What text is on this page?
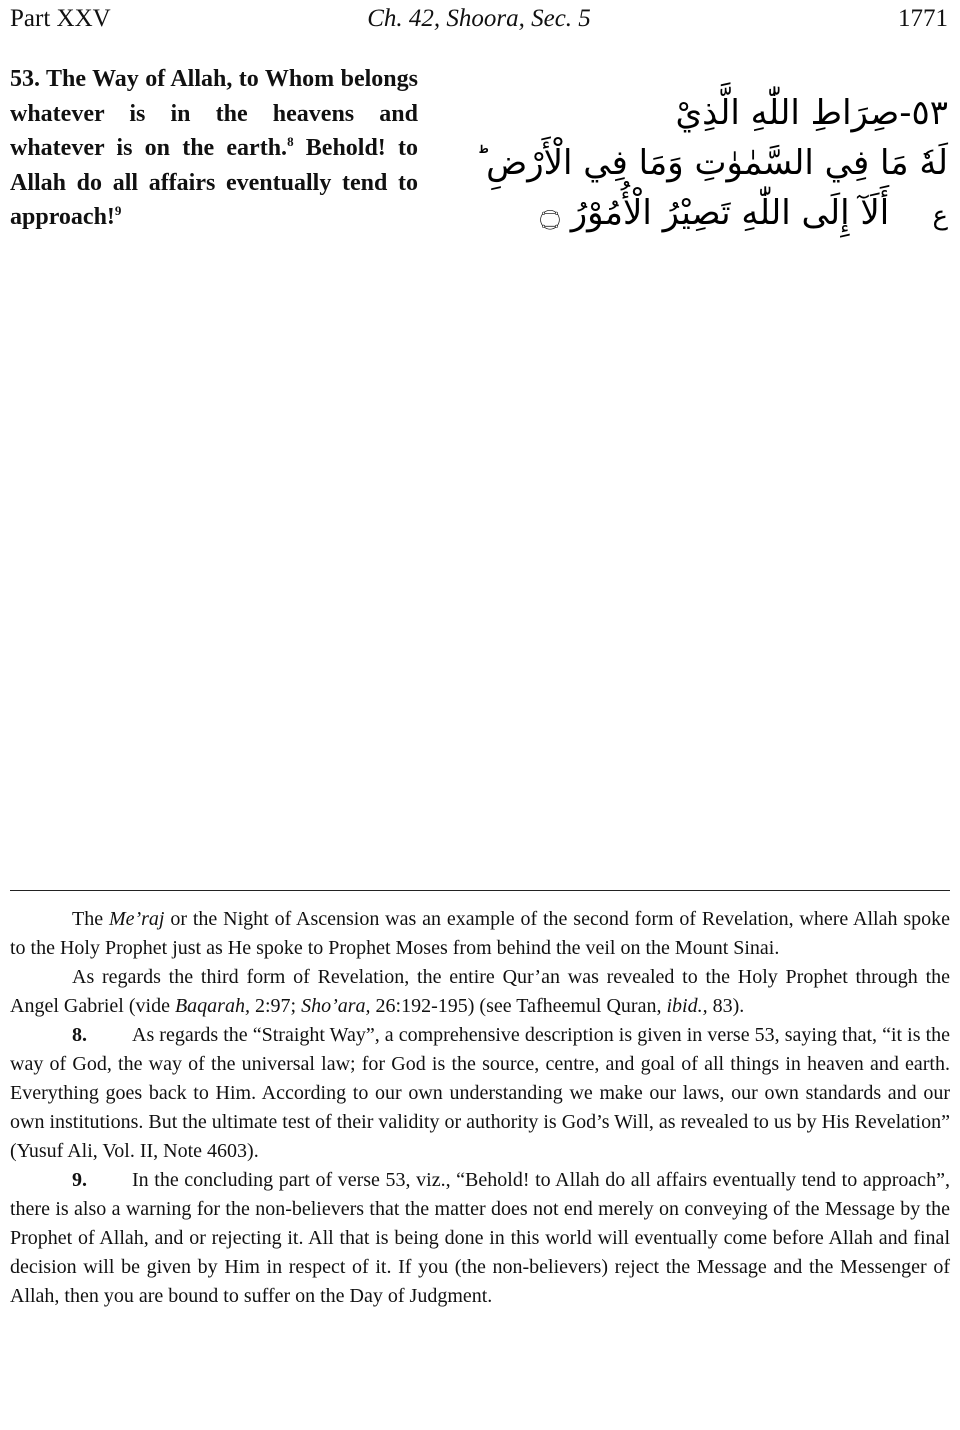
Part XXV	Ch. 42, Shoora, Sec. 5	1771
53. The Way of Allah, to Whom belongs whatever is in the heavens and whatever is on the earth.$^8$ Behold! to Allah do all affairs eventually tend to approach!$^9$
٥٣-صِرَاطِ اللّٰهِ الَّذِيْ
لَهٗ مَا فِي السَّمٰوٰتِ وَمَا فِي الْأَرْضِ ؕ
ع    أَلَآ إِلَى اللّٰهِ تَصِيْرُ الْأُمُوْرُ ۝

The Me’raj or the Night of Ascension was an example of the second form of Revelation, where Allah spoke to the Holy Prophet just as He spoke to Prophet Moses from behind the veil on the Mount Sinai.

As regards the third form of Revelation, the entire Qur’an was revealed to the Holy Prophet through the Angel Gabriel (vide Baqarah, 2:97; Sho’ara, 26:192-195) (see Tafheemul Quran, ibid., 83).

8. As regards the “Straight Way”, a comprehensive description is given in verse 53, saying that, “it is the way of God, the way of the universal law; for God is the source, centre, and goal of all things in heaven and earth. Everything goes back to Him. According to our own understanding we make our laws, our own standards and our own institutions. But the ultimate test of their validity or authority is God’s Will, as revealed to us by His Revelation” (Yusuf Ali, Vol. II, Note 4603).

9. In the concluding part of verse 53, viz., “Behold! to Allah do all affairs eventually tend to approach”, there is also a warning for the non-believers that the matter does not end merely on conveying of the Message by the Prophet of Allah, and or rejecting it. All that is being done in this world will eventually come before Allah and final decision will be given by Him in respect of it. If you (the non-believers) reject the Message and the Messenger of Allah, then you are bound to suffer on the Day of Judgment.
